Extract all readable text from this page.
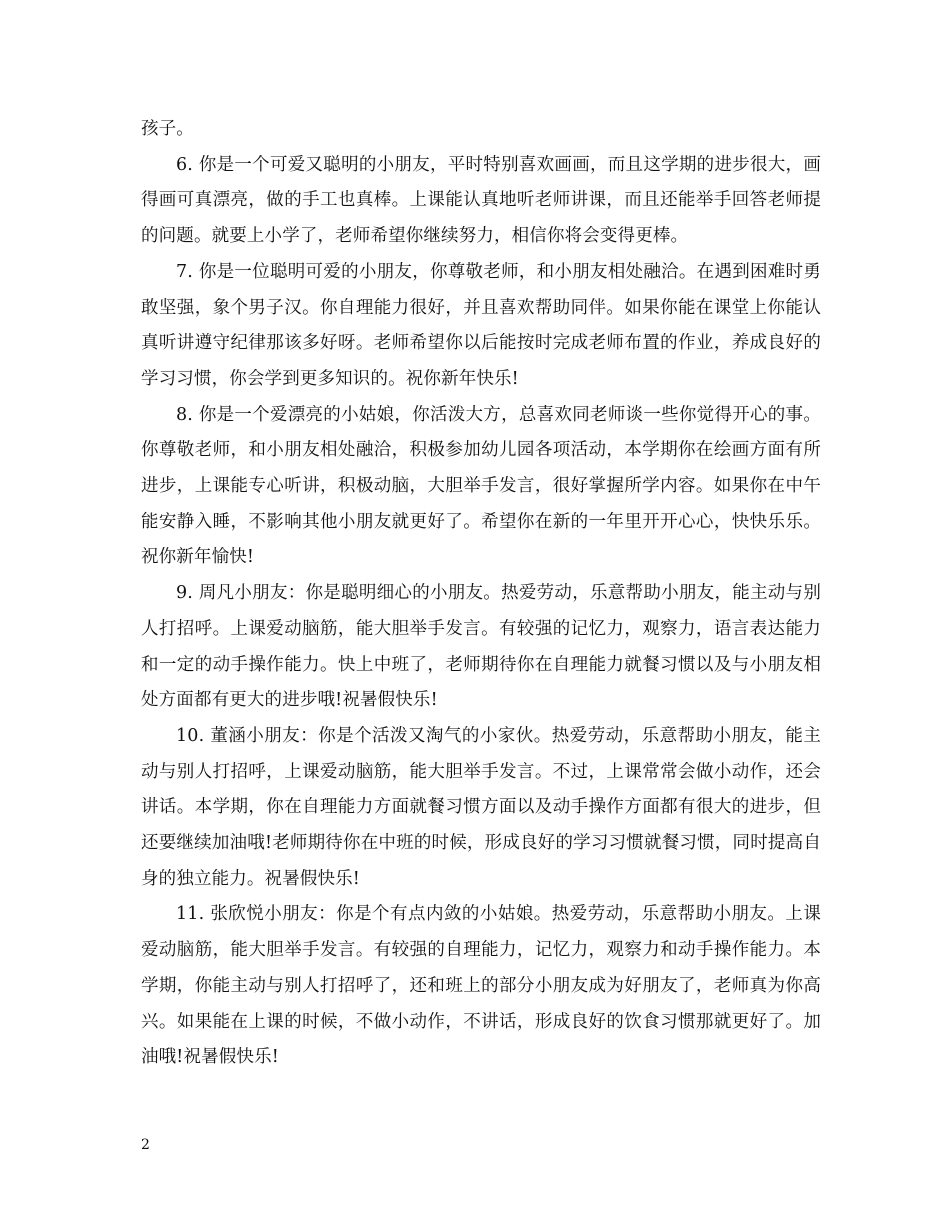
孩子。

6. 你是一个可爱又聪明的小朋友，平时特别喜欢画画，而且这学期的进步很大，画得画可真漂亮，做的手工也真棒。上课能认真地听老师讲课，而且还能举手回答老师提的问题。就要上小学了，老师希望你继续努力，相信你将会变得更棒。

7. 你是一位聪明可爱的小朋友，你尊敬老师，和小朋友相处融洽。在遇到困难时勇敢坚强，象个男子汉。你自理能力很好，并且喜欢帮助同伴。如果你能在课堂上你能认真听讲遵守纪律那该多好呀。老师希望你以后能按时完成老师布置的作业，养成良好的学习习惯，你会学到更多知识的。祝你新年快乐!

8. 你是一个爱漂亮的小姑娘，你活泼大方，总喜欢同老师谈一些你觉得开心的事。你尊敬老师，和小朋友相处融洽，积极参加幼儿园各项活动，本学期你在绘画方面有所进步，上课能专心听讲，积极动脑，大胆举手发言，很好掌握所学内容。如果你在中午能安静入睡，不影响其他小朋友就更好了。希望你在新的一年里开开心心，快快乐乐。祝你新年愉快!

9. 周凡小朋友：你是聪明细心的小朋友。热爱劳动，乐意帮助小朋友，能主动与别人打招呼。上课爱动脑筋，能大胆举手发言。有较强的记忆力，观察力，语言表达能力和一定的动手操作能力。快上中班了，老师期待你在自理能力就餐习惯以及与小朋友相处方面都有更大的进步哦!祝暑假快乐!

10. 董涵小朋友：你是个活泼又淘气的小家伙。热爱劳动，乐意帮助小朋友，能主动与别人打招呼，上课爱动脑筋，能大胆举手发言。不过，上课常常会做小动作，还会讲话。本学期，你在自理能力方面就餐习惯方面以及动手操作方面都有很大的进步，但还要继续加油哦!老师期待你在中班的时候，形成良好的学习习惯就餐习惯，同时提高自身的独立能力。祝暑假快乐!

11. 张欣悦小朋友：你是个有点内敛的小姑娘。热爱劳动，乐意帮助小朋友。上课爱动脑筋，能大胆举手发言。有较强的自理能力，记忆力，观察力和动手操作能力。本学期，你能主动与别人打招呼了，还和班上的部分小朋友成为好朋友了，老师真为你高兴。如果能在上课的时候，不做小动作，不讲话，形成良好的饮食习惯那就更好了。加油哦!祝暑假快乐!

2
